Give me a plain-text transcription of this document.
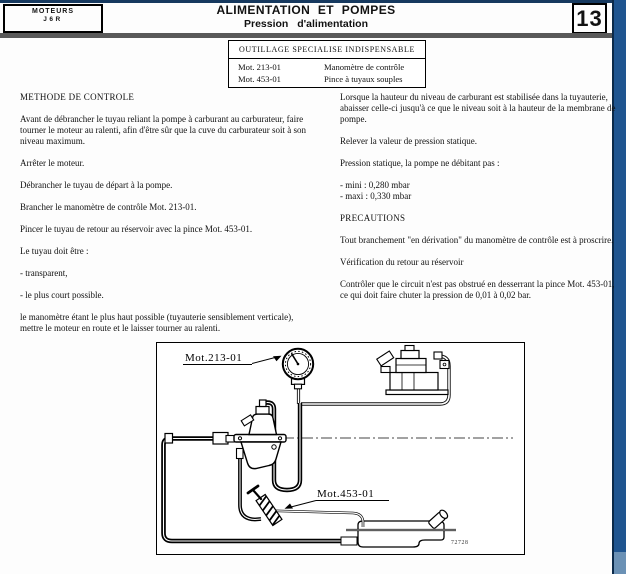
MOTEURS
J6R
ALIMENTATION ET POMPES
Pression d'alimentation	13
OUTILLAGE SPECIALISE INDISPENSABLE
Mot. 213-01	Manomètre de contrôle
Mot. 453-01	Pince à tuyaux souples

METHODE DE CONTROLE

Avant de débrancher le tuyau reliant la pompe à carburant au carburateur, faire tourner le moteur au ralenti, afin d'être sûr que la cuve du carburateur soit à son niveau maximum.

Arrêter le moteur.

Débrancher le tuyau de départ à la pompe.

Brancher le manomètre de contrôle Mot. 213-01.

Pincer le tuyau de retour au réservoir avec la pince Mot. 453-01.

Le tuyau doit être :

- transparent,

- le plus court possible.

le manomètre étant le plus haut possible (tuyauterie sensiblement verticale), mettre le moteur en route et le laisser tourner au ralenti.

Lorsque la hauteur du niveau de carburant est stabilisée dans la tuyauterie, abaisser celle-ci jusqu'à ce que le niveau soit à la hauteur de la membrane de pompe.

Relever la valeur de pression statique.

Pression statique, la pompe ne débitant pas :

- mini : 0,280 mbar

- maxi : 0,330 mbar

PRECAUTIONS

Tout branchement "en dérivation" du manomètre de contrôle est à proscrire.

Vérification du retour au réservoir

Contrôler que le circuit n'est pas obstrué en desserrant la pince Mot. 453-01, ce qui doit faire chuter la pression de 0,01 à 0,02 bar.

Mot.213-01
Mot.453-01
72728
